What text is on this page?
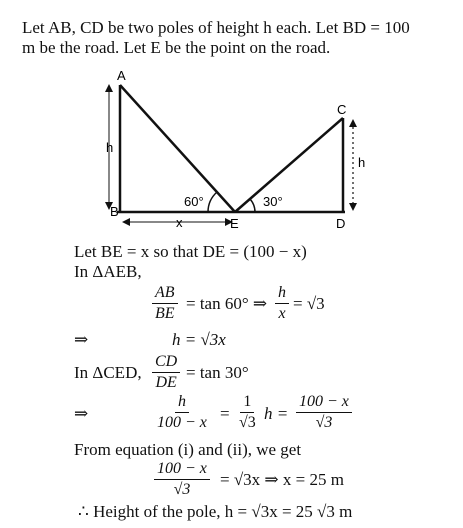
Let AB, CD be two poles of height h each. Let BD = 100
m be the road. Let E be the point on the road.
A
B
C
D
E
h
h
x
60°	30°
Let BE = x so that DE = (100 − x)
In ΔAEB,
$\frac{AB}{BE} = \tan 60^\circ$ ⇒ $\frac{h}{x} = √3$
⇒	h = √3x
In ΔCED, $\frac{CD}{DE} = \tan 30^\circ$
⇒	$\frac{h}{100 - x} = \frac{1}{√3}$ $h = \frac{100 - x}{√3}$
From equation (i) and (ii), we get
$\frac{100 - x}{√3} = √3x$ ⇒ x = 25 m
∴ Height of the pole, h = √3x = 25 √3 m
